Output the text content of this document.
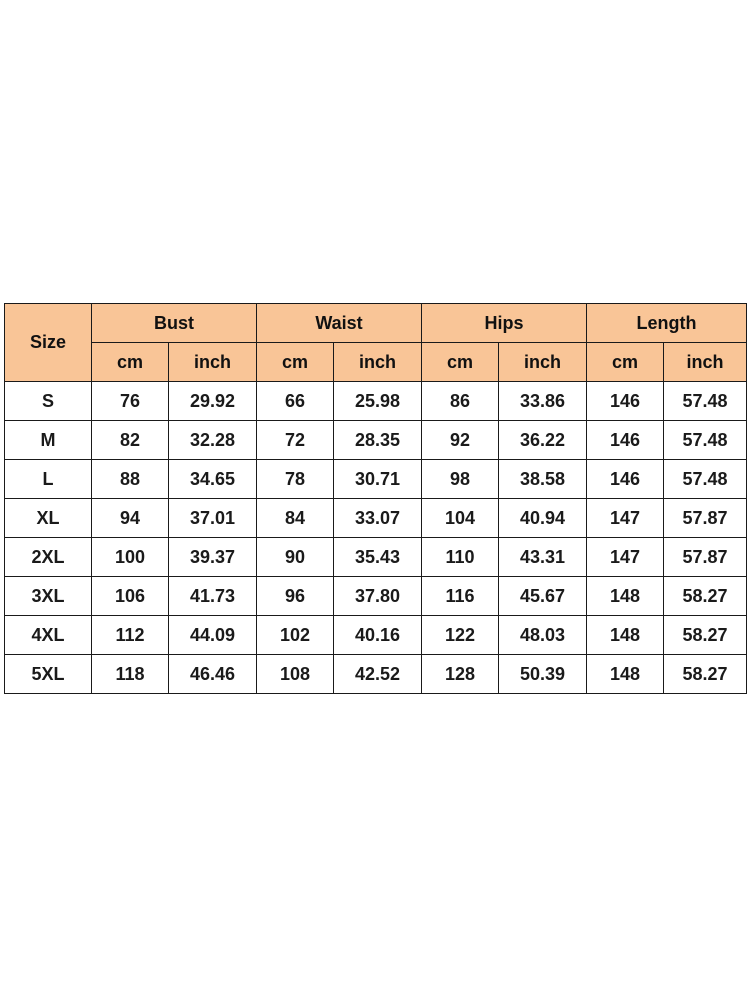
Size	Bust		Waist		Hips		Length	
	cm	inch	cm	inch	cm	inch	cm	inch
S	76	29.92	66	25.98	86	33.86	146	57.48
M	82	32.28	72	28.35	92	36.22	146	57.48
L	88	34.65	78	30.71	98	38.58	146	57.48
XL	94	37.01	84	33.07	104	40.94	147	57.87
2XL	100	39.37	90	35.43	110	43.31	147	57.87
3XL	106	41.73	96	37.80	116	45.67	148	58.27
4XL	112	44.09	102	40.16	122	48.03	148	58.27
5XL	118	46.46	108	42.52	128	50.39	148	58.27
